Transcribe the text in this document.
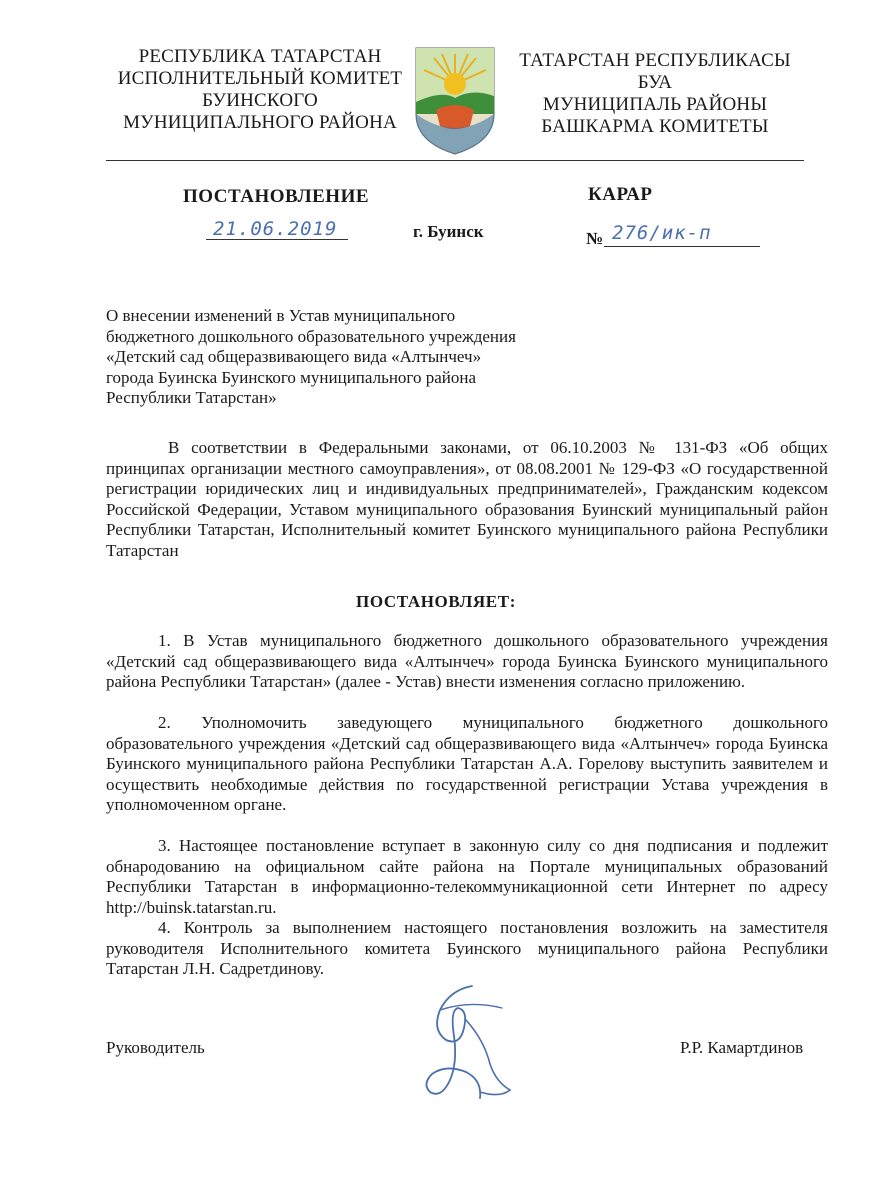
РЕСПУБЛИКА ТАТАРСТАН
ИСПОЛНИТЕЛЬНЫЙ КОМИТЕТ
БУИНСКОГО
МУНИЦИПАЛЬНОГО РАЙОНА
ТАТАРСТАН РЕСПУБЛИКАСЫ
БУА
МУНИЦИПАЛЬ РАЙОНЫ
БАШКАРМА КОМИТЕТЫ
ПОСТАНОВЛЕНИЕ	КАРАР
21.06.2019	г. Буинск	№ 276/ик-п
О внесении изменений в Устав муниципального
бюджетного дошкольного образовательного учреждения
«Детский сад общеразвивающего вида «Алтынчеч»
города Буинска Буинского муниципального района
Республики Татарстан»
В соответствии в Федеральными законами, от 06.10.2003 № 131-ФЗ «Об общих принципах организации местного самоуправления», от 08.08.2001 № 129-ФЗ «О государственной регистрации юридических лиц и индивидуальных предпринимателей», Гражданским кодексом Российской Федерации, Уставом муниципального образования Буинский муниципальный район Республики Татарстан, Исполнительный комитет Буинского муниципального района Республики Татарстан
ПОСТАНОВЛЯЕТ:
1. В Устав муниципального бюджетного дошкольного образовательного учреждения «Детский сад общеразвивающего вида «Алтынчеч» города Буинска Буинского муниципального района Республики Татарстан» (далее - Устав) внести изменения согласно приложению.
2. Уполномочить заведующего муниципального бюджетного дошкольного образовательного учреждения «Детский сад общеразвивающего вида «Алтынчеч» города Буинска Буинского муниципального района Республики Татарстан А.А. Горелову выступить заявителем и осуществить необходимые действия по государственной регистрации Устава учреждения в уполномоченном органе.
3. Настоящее постановление вступает в законную силу со дня подписания и подлежит обнародованию на официальном сайте района на Портале муниципальных образований Республики Татарстан в информационно-телекоммуникационной сети Интернет по адресу http://buinsk.tatarstan.ru.
4. Контроль за выполнением настоящего постановления возложить на заместителя руководителя Исполнительного комитета Буинского муниципального района Республики Татарстан Л.Н. Садретдинову.
Руководитель	Р.Р. Камартдинов
